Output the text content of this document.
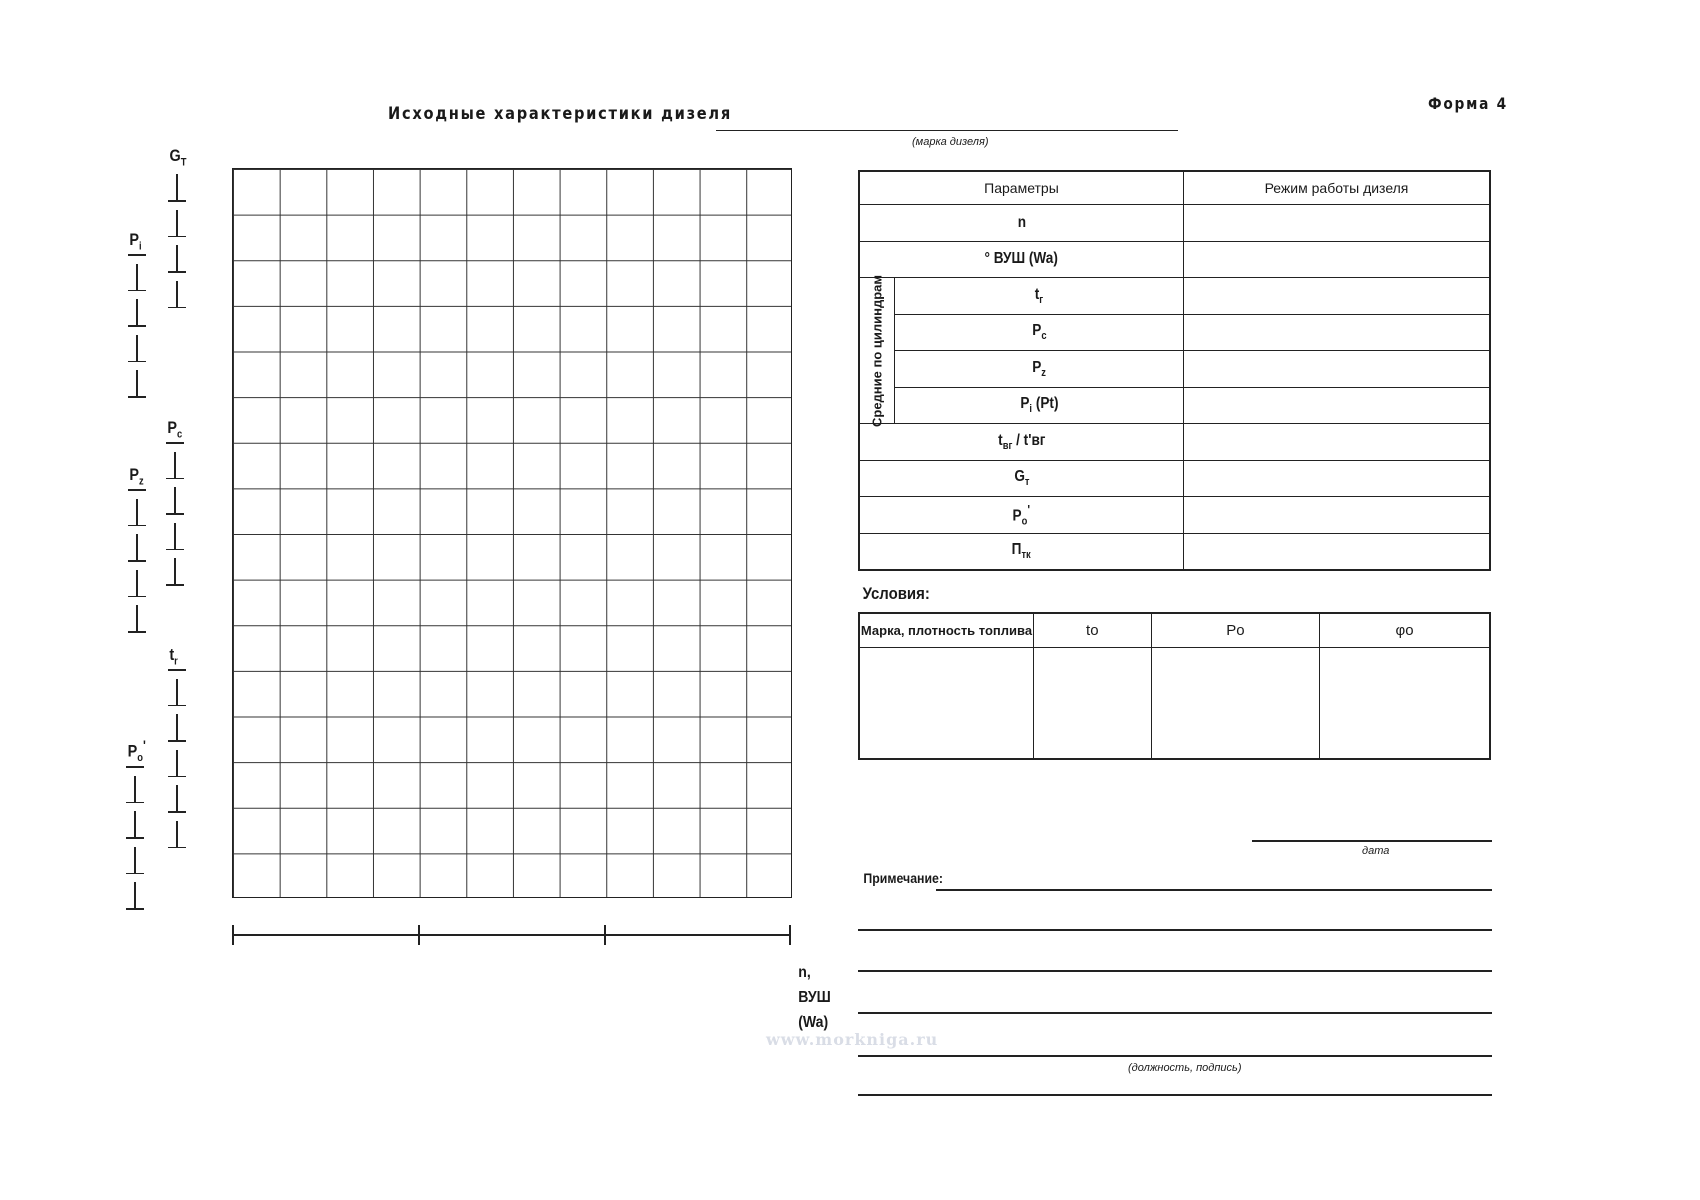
Исходные характеристики дизеля
(марка дизеля)
Форма 4
$P_i$
$P_z$
$P_o'$
$G_T$
$P_c$
$t_r$
n,
ВУШ
(Wa)
Параметры		Режим работы дизеля
n		
° ВУШ (Wa)		

Средние по цилиндрам	$t_г$	
	$P_c$	
	$P_z$	
	$P_i$ (Pt)	
$t_{вг} / t'вг$		
$G_т$	
$P_o'$	
$П_{тк}$	
Условия:
Марка, плотность топлива	to	Po	φo

дата
Примечание:
(должность, подпись)
www.morkniga.ru
